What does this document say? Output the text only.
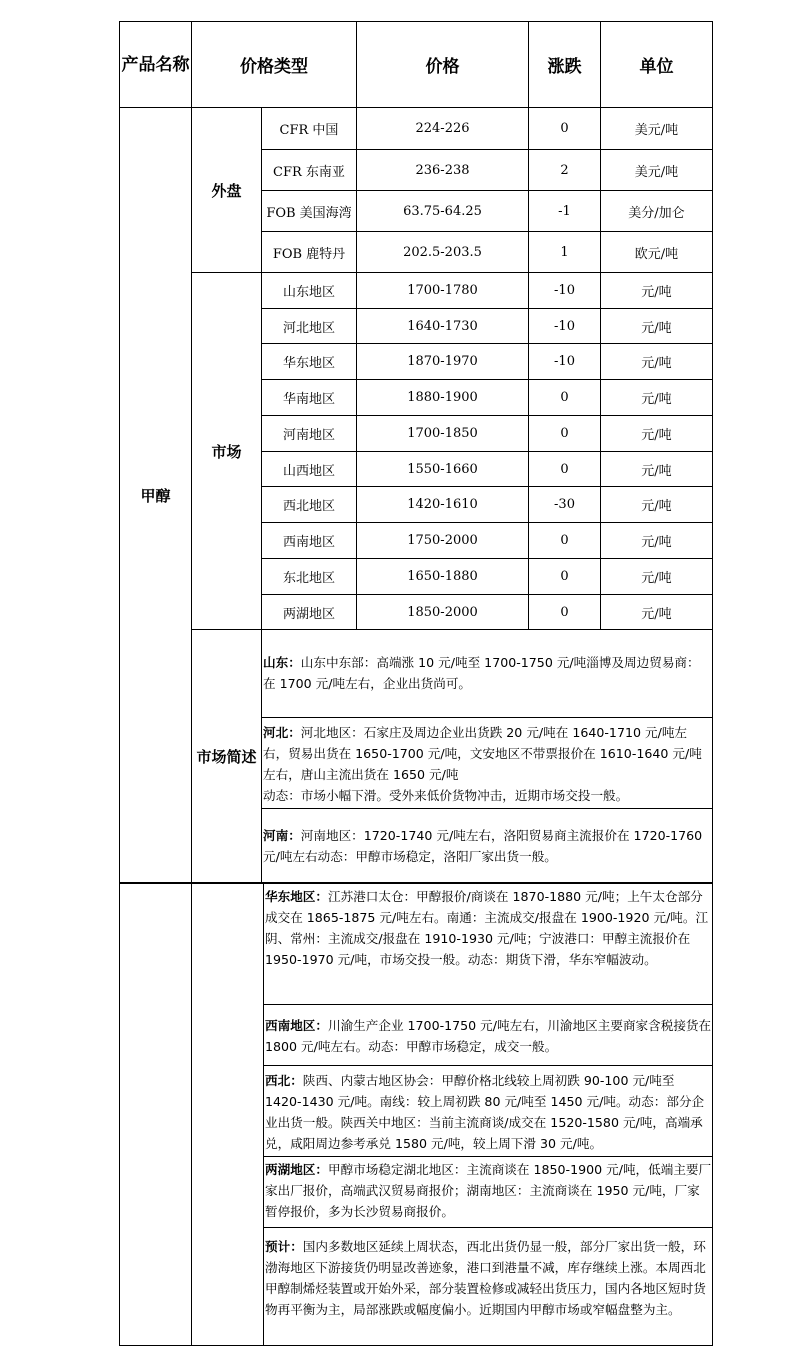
产品名称	价格类型		价格	涨跌	单位
甲醇	外盘	CFR 中国	224-226	0	美元/吨
		CFR 东南亚	236-238	2	美元/吨
		FOB 美国海湾	63.75-64.25	-1	美分/加仑
		FOB 鹿特丹	202.5-203.5	1	欧元/吨
	市场	山东地区	1700-1780	-10	元/吨
		河北地区	1640-1730	-10	元/吨
		华东地区	1870-1970	-10	元/吨
		华南地区	1880-1900	0	元/吨
		河南地区	1700-1850	0	元/吨
		山西地区	1550-1660	0	元/吨
		西北地区	1420-1610	-30	元/吨
		西南地区	1750-2000	0	元/吨
		东北地区	1650-1880	0	元/吨
		两湖地区	1850-2000	0	元/吨
	市场简述	山东：山东中东部：高端涨 10 元/吨至 1700-1750 元/吨淄博及周边贸易商：在 1700 元/吨左右，企业出货尚可。			
		河北：河北地区：石家庄及周边企业出货跌 20 元/吨在 1640-1710 元/吨左右，贸易出货在 1650-1700 元/吨，文安地区不带票报价在 1610-1640 元/吨左右，唐山主流出货在 1650 元/吨
动态：市场小幅下滑。受外来低价货物冲击，近期市场交投一般。			
		河南：河南地区：1720-1740 元/吨左右，洛阳贸易商主流报价在 1720-1760 元/吨左右动态：甲醇市场稳定，洛阳厂家出货一般。			
		华东地区：江苏港口太仓：甲醇报价/商谈在 1870-1880 元/吨；上午太仓部分成交在 1865-1875 元/吨左右。南通：主流成交/报盘在 1900-1920 元/吨。江阴、常州：主流成交/报盘在 1910-1930 元/吨；宁波港口：甲醇主流报价在 1950-1970 元/吨，市场交投一般。动态：期货下滑，华东窄幅波动。
西南地区：川渝生产企业 1700-1750 元/吨左右，川渝地区主要商家含税接货在 1800 元/吨左右。动态：甲醇市场稳定，成交一般。
西北：陕西、内蒙古地区协会：甲醇价格北线较上周初跌 90-100 元/吨至 1420-1430 元/吨。南线：较上周初跌 80 元/吨至 1450 元/吨。动态：部分企业出货一般。陕西关中地区：当前主流商谈/成交在 1520-1580 元/吨，高端承兑，咸阳周边参考承兑 1580 元/吨，较上周下滑 30 元/吨。
两湖地区：甲醇市场稳定湖北地区：主流商谈在 1850-1900 元/吨，低端主要厂家出厂报价，高端武汉贸易商报价；湖南地区：主流商谈在 1950 元/吨，厂家暂停报价，多为长沙贸易商报价。
预计：国内多数地区延续上周状态，西北出货仍显一般，部分厂家出货一般，环渤海地区下游接货仍明显改善迹象，港口到港量不减，库存继续上涨。本周西北甲醇制烯烃装置或开始外采，部分装置检修或减轻出货压力，国内各地区短时货物再平衡为主，局部涨跌或幅度偏小。近期国内甲醇市场或窄幅盘整为主。
